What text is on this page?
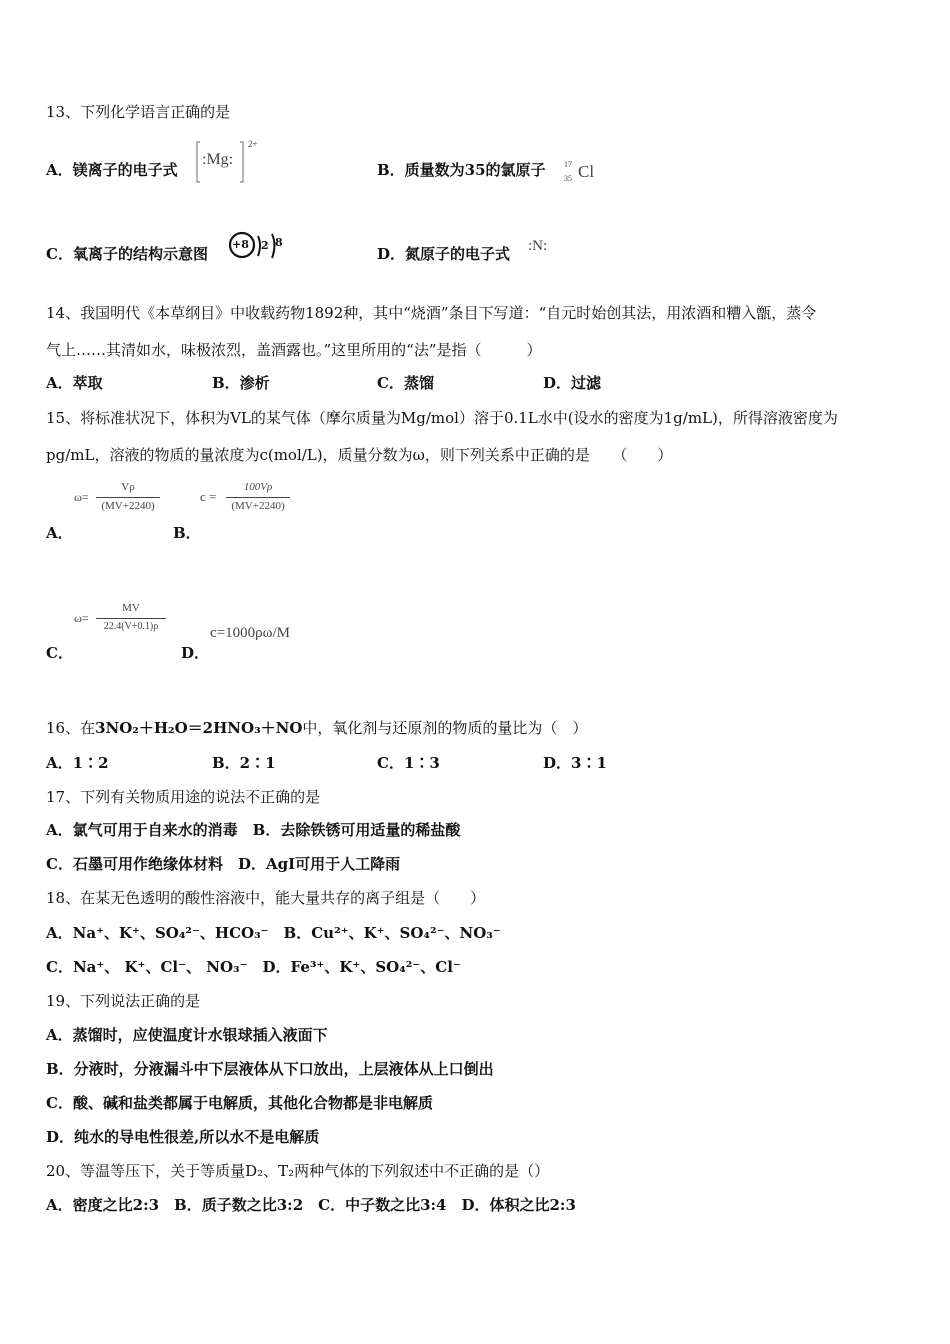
13、下列化学语言正确的是
A．镁离子的电子式
:Mg:
2+
B．质量数为35的氯原子 17
35 Cl
C．氧离子的结构示意图
+8 2 8
D．氮原子的电子式 :N:
14、我国明代《本草纲目》中收载药物1892种，其中“烧酒”条目下写道：“自元时始创其法，用浓酒和糟入甑，蒸令
气上……其清如水，味极浓烈，盖酒露也。”这里所用的“法”是指（　　　）
A．萃取	B．渗析	C．蒸馏	D．过滤
15、将标准状况下，体积为VL的某气体（摩尔质量为Mg/mol）溶于0.1L水中(设水的密度为1g/mL)，所得溶液密度为
pg/mL，溶液的物质的量浓度为c(mol/L)，质量分数为ω，则下列关系中正确的是　　（　　）
ω=
Vρ
(MV+2240)
c =
100Vρ
(MV+2240)
A．	B．
ω=
MV
22.4(V+0.1)ρ	c=1000ρω/M
C．	D．
16、在3NO₂＋H₂O＝2HNO₃＋NO中，氧化剂与还原剂的物质的量比为（　）
A．1∶2	B．2∶1	C．1∶3	D．3∶1
17、下列有关物质用途的说法不正确的是
A．氯气可用于自来水的消毒　B．去除铁锈可用适量的稀盐酸
C．石墨可用作绝缘体材料　D．AgI可用于人工降雨
18、在某无色透明的酸性溶液中，能大量共存的离子组是（　　）
A．Na⁺、K⁺、SO₄²⁻、HCO₃⁻　B．Cu²⁺、K⁺、SO₄²⁻、NO₃⁻
C．Na⁺、 K⁺、Cl⁻、 NO₃⁻　D．Fe³⁺、K⁺、SO₄²⁻、Cl⁻
19、下列说法正确的是
A．蒸馏时，应使温度计水银球插入液面下
B．分液时，分液漏斗中下层液体从下口放出，上层液体从上口倒出
C．酸、碱和盐类都属于电解质，其他化合物都是非电解质
D．纯水的导电性很差,所以水不是电解质
20、等温等压下，关于等质量D₂、T₂两种气体的下列叙述中不正确的是（）
A．密度之比2:3　B．质子数之比3:2　C．中子数之比3:4　D．体积之比2:3
